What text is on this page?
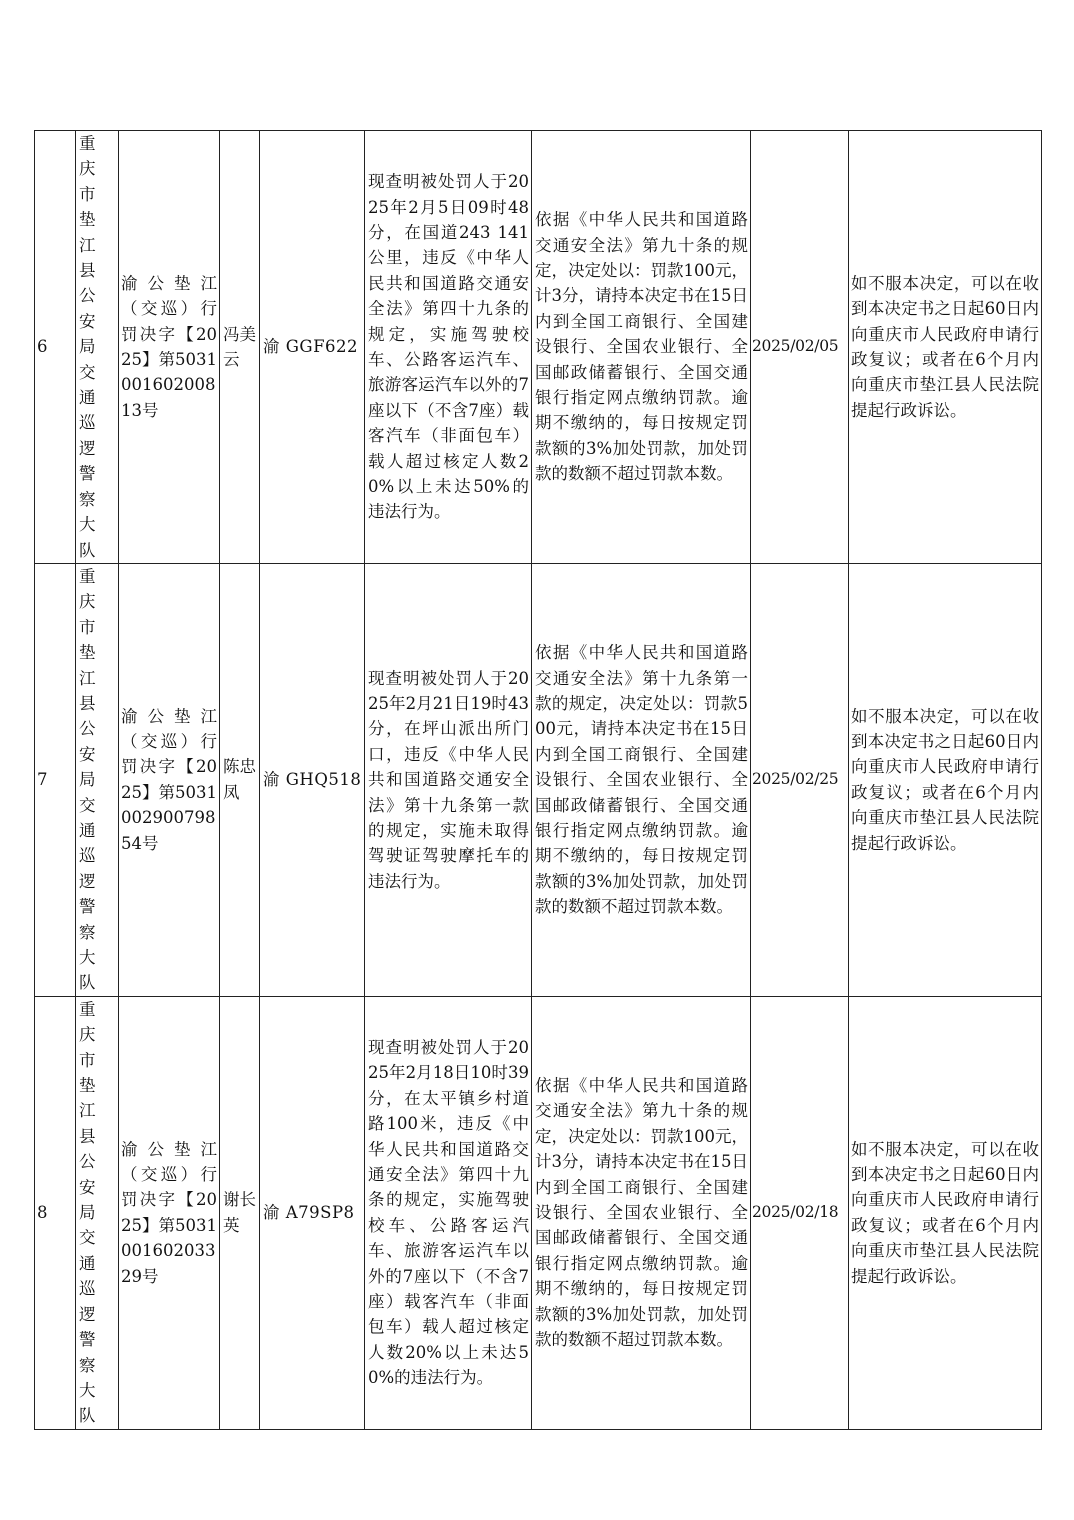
6	重庆市垫江县公安局交通巡逻警察大队	渝公垫江（交巡）行罚决字【2025】第503100160200813号	冯美云	渝 GGF622	现查明被处罚人于2025年2月5日09时48分，在国道243 141公里，违反《中华人民共和国道路交通安全法》第四十九条的规定，实施驾驶校车、公路客运汽车、旅游客运汽车以外的7座以下（不含7座）载客汽车（非面包车）载人超过核定人数20%以上未达50%的违法行为。	依据《中华人民共和国道路交通安全法》第九十条的规定，决定处以：罚款100元，计3分，请持本决定书在15日内到全国工商银行、全国建设银行、全国农业银行、全国邮政储蓄银行、全国交通银行指定网点缴纳罚款。逾期不缴纳的，每日按规定罚款额的3%加处罚款，加处罚款的数额不超过罚款本数。	2025/02/05	如不服本决定，可以在收到本决定书之日起60日内向重庆市人民政府申请行政复议；或者在6个月内向重庆市垫江县人民法院提起行政诉讼。
7	重庆市垫江县公安局交通巡逻警察大队	渝公垫江（交巡）行罚决字【2025】第503100290079854号	陈忠凤	渝 GHQ518	现查明被处罚人于2025年2月21日19时43分，在坪山派出所门口，违反《中华人民共和国道路交通安全法》第十九条第一款的规定，实施未取得驾驶证驾驶摩托车的违法行为。	依据《中华人民共和国道路交通安全法》第十九条第一款的规定，决定处以：罚款500元，请持本决定书在15日内到全国工商银行、全国建设银行、全国农业银行、全国邮政储蓄银行、全国交通银行指定网点缴纳罚款。逾期不缴纳的，每日按规定罚款额的3%加处罚款，加处罚款的数额不超过罚款本数。	2025/02/25	如不服本决定，可以在收到本决定书之日起60日内向重庆市人民政府申请行政复议；或者在6个月内向重庆市垫江县人民法院提起行政诉讼。
8	重庆市垫江县公安局交通巡逻警察大队	渝公垫江（交巡）行罚决字【2025】第503100160203329号	谢长英	渝 A79SP8	现查明被处罚人于2025年2月18日10时39分，在太平镇乡村道路100米，违反《中华人民共和国道路交通安全法》第四十九条的规定，实施驾驶校车、公路客运汽车、旅游客运汽车以外的7座以下（不含7座）载客汽车（非面包车）载人超过核定人数20%以上未达50%的违法行为。	依据《中华人民共和国道路交通安全法》第九十条的规定，决定处以：罚款100元，计3分，请持本决定书在15日内到全国工商银行、全国建设银行、全国农业银行、全国邮政储蓄银行、全国交通银行指定网点缴纳罚款。逾期不缴纳的，每日按规定罚款额的3%加处罚款，加处罚款的数额不超过罚款本数。	2025/02/18	如不服本决定，可以在收到本决定书之日起60日内向重庆市人民政府申请行政复议；或者在6个月内向重庆市垫江县人民法院提起行政诉讼。
